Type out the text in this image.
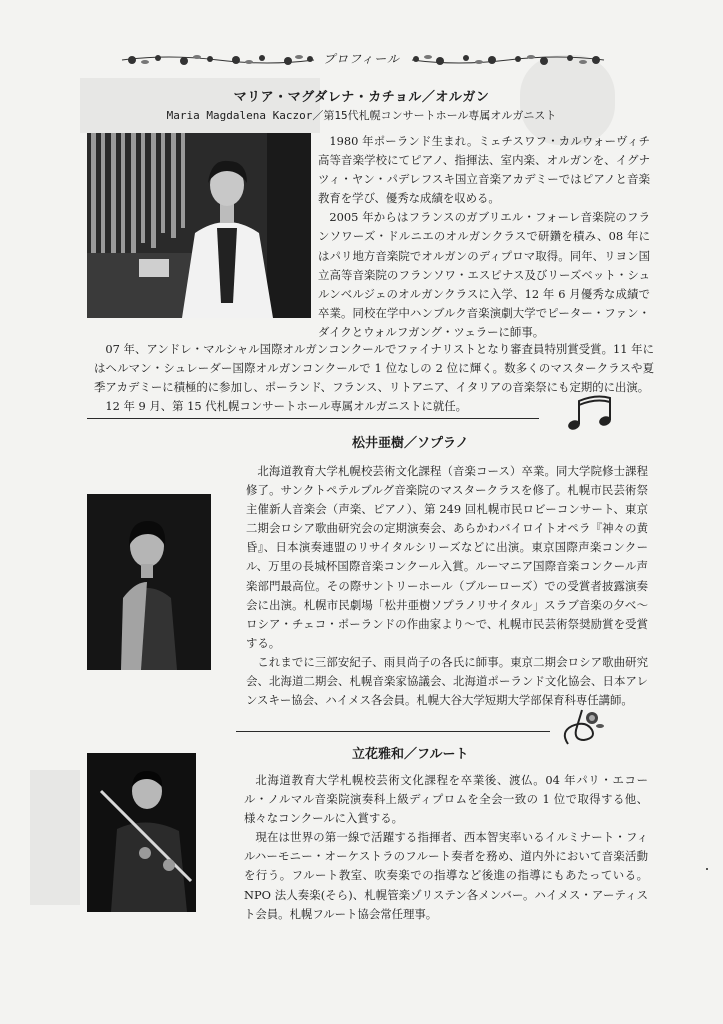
プロフィール
マリア・マグダレナ・カチョル／オルガン
Maria Magdalena Kaczor／第15代札幌コンサートホール専属オルガニスト

1980 年ポーランド生まれ。ミェチスワフ・カルウォーヴィチ高等音楽学校にてピアノ、指揮法、室内楽、オルガンを、イグナツィ・ヤン・パデレフスキ国立音楽アカデミーではピアノと音楽教育を学び、優秀な成績を収める。

2005 年からはフランスのガブリエル・フォーレ音楽院のフランソワーズ・ドルニエのオルガンクラスで研鑽を積み、08 年にはパリ地方音楽院でオルガンのディプロマ取得。同年、リヨン国立高等音楽院のフランソワ・エスピナス及びリーズベット・シュルンベルジェのオルガンクラスに入学、12 年 6 月優秀な成績で卒業。同校在学中ハンブルク音楽演劇大学でピーター・ファン・ダイクとウォルフガング・ツェラーに師事。

07 年、アンドレ・マルシャル国際オルガンコンクールでファイナリストとなり審査員特別賞受賞。11 年にはヘルマン・シュレーダー国際オルガンコンクールで 1 位なしの 2 位に輝く。数多くのマスタークラスや夏季アカデミーに積極的に参加し、ポーランド、フランス、リトアニア、イタリアの音楽祭にも定期的に出演。

12 年 9 月、第 15 代札幌コンサートホール専属オルガニストに就任。

松井亜樹／ソプラノ

北海道教育大学札幌校芸術文化課程（音楽コース）卒業。同大学院修士課程修了。サンクトペテルブルグ音楽院のマスタークラスを修了。札幌市民芸術祭主催新人音楽会（声楽、ピアノ）、第 249 回札幌市民ロビーコンサート、東京二期会ロシア歌曲研究会の定期演奏会、あらかわバイロイトオペラ『神々の黄昏』、日本演奏連盟のリサイタルシリーズなどに出演。東京国際声楽コンクール、万里の長城杯国際音楽コンクール入賞。ルーマニア国際音楽コンクール声楽部門最高位。その際サントリーホール（ブルーローズ）での受賞者披露演奏会に出演。札幌市民劇場「松井亜樹ソプラノリサイタル」スラブ音楽の夕べ～ロシア・チェコ・ポーランドの作曲家より～で、札幌市民芸術祭奨励賞を受賞する。

これまでに三部安紀子、雨貝尚子の各氏に師事。東京二期会ロシア歌曲研究会、北海道二期会、札幌音楽家協議会、北海道ポーランド文化協会、日本アレンスキー協会、ハイメス各会員。札幌大谷大学短期大学部保育科専任講師。

立花雅和／フルート

北海道教育大学札幌校芸術文化課程を卒業後、渡仏。04 年パリ・エコール・ノルマル音楽院演奏科上級ディプロムを全会一致の 1 位で取得する他、様々なコンクールに入賞する。

現在は世界の第一線で活躍する指揮者、西本智実率いるイルミナート・フィルハーモニー・オーケストラのフルート奏者を務め、道内外において音楽活動を行う。フルート教室、吹奏楽での指導など後進の指導にもあたっている。NPO 法人奏楽(そら)、札幌管楽ゾリステン各メンバー。ハイメス・アーティスト会員。札幌フルート協会常任理事。
